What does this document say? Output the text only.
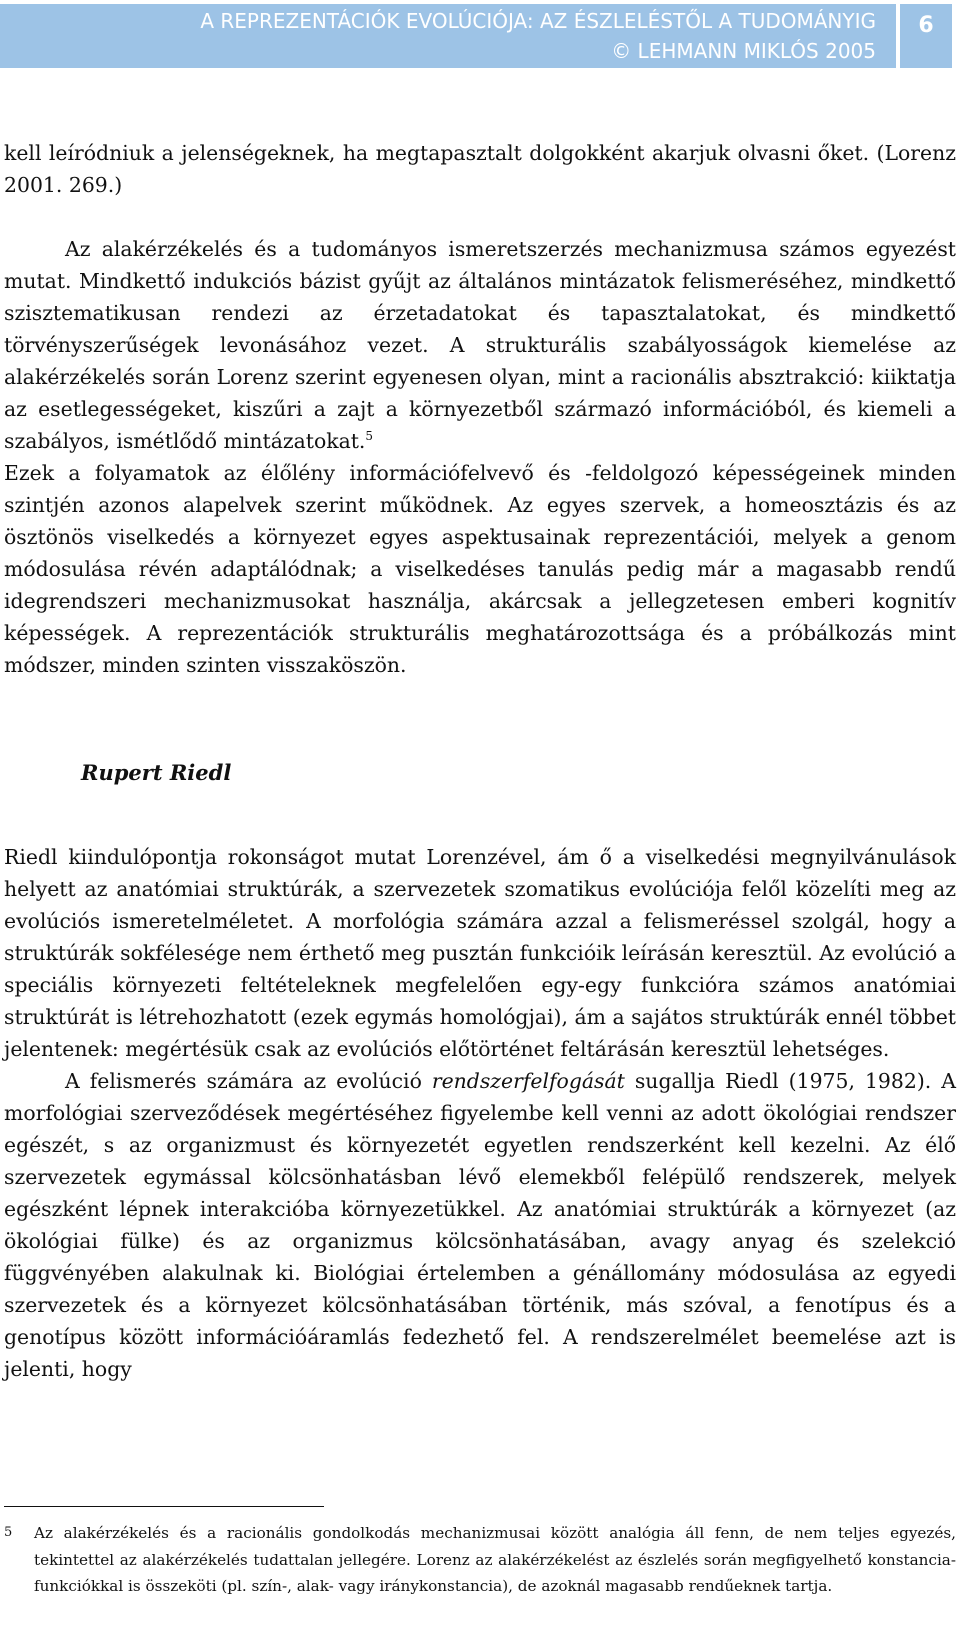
A REPREZENTÁCIÓK EVOLÚCIÓJA: AZ ÉSZLELÉSTŐL A TUDOMÁNYIG
© LEHMANN MIKLÓS 2005
6

kell leíródniuk a jelenségeknek, ha megtapasztalt dolgokként akarjuk olvasni őket. (Lorenz 2001. 269.)

Az alakérzékelés és a tudományos ismeretszerzés mechanizmusa számos egyezést mutat. Mindkettő indukciós bázist gyűjt az általános mintázatok felismeréséhez, mindkettő szisztematikusan rendezi az érzetadatokat és tapasztalatokat, és mindkettő törvényszerűségek levonásához vezet. A strukturális szabályosságok kiemelése az alakérzékelés során Lorenz szerint egyenesen olyan, mint a racionális absztrakció: kiiktatja az esetlegességeket, kiszűri a zajt a környezetből származó információból, és kiemeli a szabályos, ismétlődő mintázatokat.$^5$

Ezek a folyamatok az élőlény információfelvevő és -feldolgozó képességeinek minden szintjén azonos alapelvek szerint működnek. Az egyes szervek, a homeosztázis és az ösztönös viselkedés a környezet egyes aspektusainak reprezentációi, melyek a genom módosulása révén adaptálódnak; a viselkedéses tanulás pedig már a magasabb rendű idegrendszeri mechanizmusokat használja, akárcsak a jellegzetesen emberi kognitív képességek. A reprezentációk strukturális meghatározottsága és a próbálkozás mint módszer, minden szinten visszaköszön.

Rupert Riedl

Riedl kiindulópontja rokonságot mutat Lorenzével, ám ő a viselkedési megnyilvánulások helyett az anatómiai struktúrák, a szervezetek szomatikus evolúciója felől közelíti meg az evolúciós ismeretelméletet. A morfológia számára azzal a felismeréssel szolgál, hogy a struktúrák sokfélesége nem érthető meg pusztán funkcióik leírásán keresztül. Az evolúció a speciális környezeti feltételeknek megfelelően egy-egy funkcióra számos anatómiai struktúrát is létrehozhatott (ezek egymás homológjai), ám a sajátos struktúrák ennél többet jelentenek: megértésük csak az evolúciós előtörténet feltárásán keresztül lehetséges.

A felismerés számára az evolúció rendszerfelfogását sugallja Riedl (1975, 1982). A morfológiai szerveződések megértéséhez figyelembe kell venni az adott ökológiai rendszer egészét, s az organizmust és környezetét egyetlen rendszerként kell kezelni. Az élő szervezetek egymással kölcsönhatásban lévő elemekből felépülő rendszerek, melyek egészként lépnek interakcióba környezetükkel. Az anatómiai struktúrák a környezet (az ökológiai fülke) és az organizmus kölcsönhatásában, avagy anyag és szelekció függvényében alakulnak ki. Biológiai értelemben a génállomány módosulása az egyedi szervezetek és a környezet kölcsönhatásában történik, más szóval, a fenotípus és a genotípus között információáramlás fedezhető fel. A rendszerelmélet beemelése azt is jelenti, hogy

5	Az alakérzékelés és a racionális gondolkodás mechanizmusai között analógia áll fenn, de nem teljes egyezés, tekintettel az alakérzékelés tudattalan jellegére. Lorenz az alakérzékelést az észlelés során megfigyelhető konstancia-funkciókkal is összeköti (pl. szín-, alak- vagy iránykonstancia), de azoknál magasabb rendűeknek tartja.
